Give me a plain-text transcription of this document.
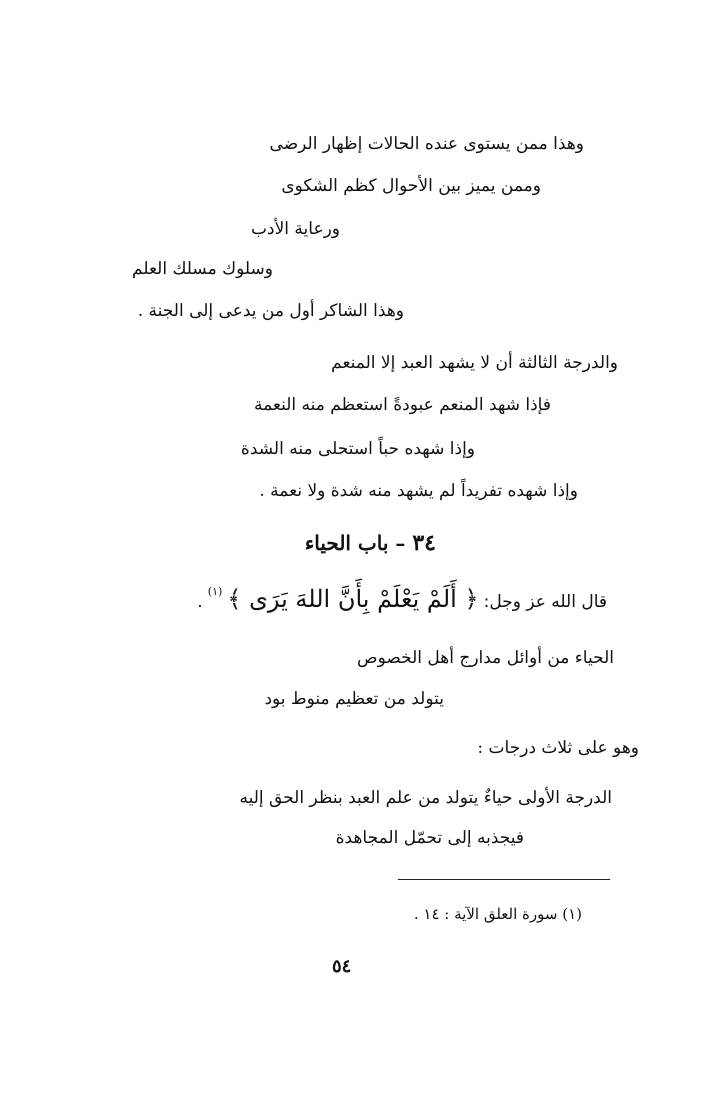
وهذا ممن يستوى عنده الحالات إظهار الرضى
وممن يميز بين الأحوال كظم الشكوى
ورعاية الأدب
وسلوك مسلك العلم
وهذا الشاكر أول من يدعى إلى الجنة .
والدرجة الثالثة أن لا يشهد العبد إلا المنعم
فإذا شهد المنعم عبودةً استعظم منه النعمة
وإذا شهده حباً استحلى منه الشدة
وإذا شهده تفريداً لم يشهد منه شدة ولا نعمة .
٣٤ – باب الحياء
قال الله عز وجل: ﴿ أَلَمْ يَعْلَمْ بِأَنَّ اللهَ يَرَى ﴾ $^{(١)}$ .
الحياء من أوائل مدارج أهل الخصوص
يتولد من تعظيم منوط بود
وهو على ثلاث درجات :
الدرجة الأولى حياءٌ يتولد من علم العبد بنظر الحق إليه
فيجذبه إلى تحمّل المجاهدة
(١) سورة العلق الآية : ١٤ .
٥٤
